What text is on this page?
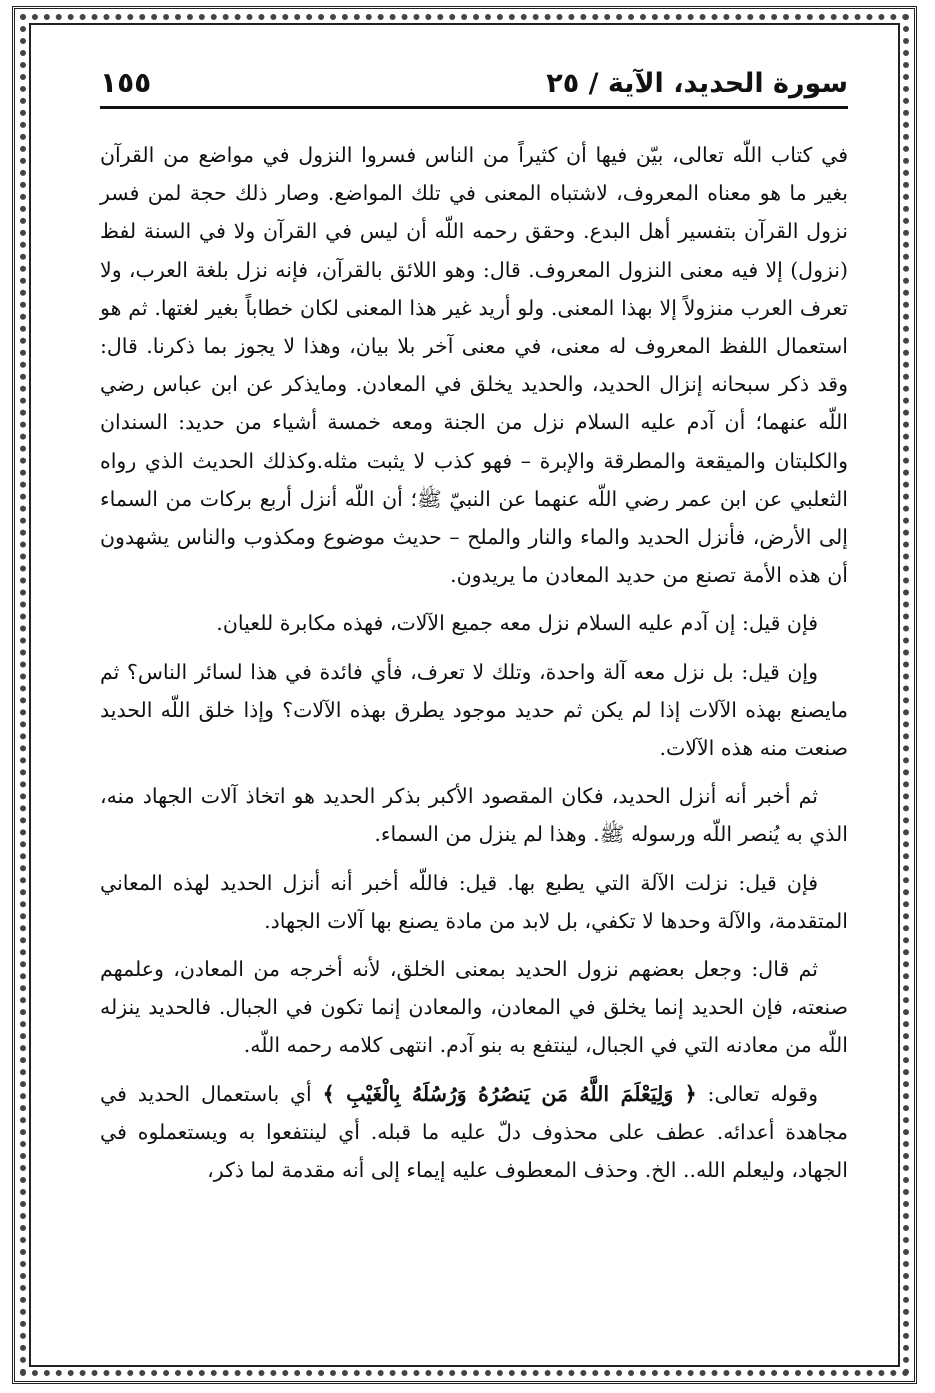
سورة الحديد، الآية / ٢٥
١٥٥

في كتاب اللّه تعالى، بيّن فيها أن كثيراً من الناس فسروا النزول في مواضع من القرآن بغير ما هو معناه المعروف، لاشتباه المعنى في تلك المواضع. وصار ذلك حجة لمن فسر نزول القرآن بتفسير أهل البدع. وحقق رحمه اللّه أن ليس في القرآن ولا في السنة لفظ (نزول) إلا فيه معنى النزول المعروف. قال: وهو اللائق بالقرآن، فإنه نزل بلغة العرب، ولا تعرف العرب منزولاً إلا بهذا المعنى. ولو أريد غير هذا المعنى لكان خطاباً بغير لغتها. ثم هو استعمال اللفظ المعروف له معنى، في معنى آخر بلا بيان، وهذا لا يجوز بما ذكرنا. قال: وقد ذكر سبحانه إنزال الحديد، والحديد يخلق في المعادن. ومايذكر عن ابن عباس رضي اللّه عنهما؛ أن آدم عليه السلام نزل من الجنة ومعه خمسة أشياء من حديد: السندان والكلبتان والميقعة والمطرقة والإبرة – فهو كذب لا يثبت مثله.وكذلك الحديث الذي رواه الثعلبي عن ابن عمر رضي اللّه عنهما عن النبيّ ﷺ؛ أن اللّه أنزل أربع بركات من السماء إلى الأرض، فأنزل الحديد والماء والنار والملح – حديث موضوع ومكذوب والناس يشهدون أن هذه الأمة تصنع من حديد المعادن ما يريدون.

فإن قيل: إن آدم عليه السلام نزل معه جميع الآلات، فهذه مكابرة للعيان.

وإن قيل: بل نزل معه آلة واحدة، وتلك لا تعرف، فأي فائدة في هذا لسائر الناس؟ ثم مايصنع بهذه الآلات إذا لم يكن ثم حديد موجود يطرق بهذه الآلات؟ وإذا خلق اللّه الحديد صنعت منه هذه الآلات.

ثم أخبر أنه أنزل الحديد، فكان المقصود الأكبر بذكر الحديد هو اتخاذ آلات الجهاد منه، الذي به يُنصر اللّه ورسوله ﷺ. وهذا لم ينزل من السماء.

فإن قيل: نزلت الآلة التي يطبع بها. قيل: فاللّه أخبر أنه أنزل الحديد لهذه المعاني المتقدمة، والآلة وحدها لا تكفي، بل لابد من مادة يصنع بها آلات الجهاد.

ثم قال: وجعل بعضهم نزول الحديد بمعنى الخلق، لأنه أخرجه من المعادن، وعلمهم صنعته، فإن الحديد إنما يخلق في المعادن، والمعادن إنما تكون في الجبال. فالحديد ينزله اللّه من معادنه التي في الجبال، لينتفع به بنو آدم. انتهى كلامه رحمه اللّه.

وقوله تعالى: ﴿ وَلِيَعْلَمَ اللَّهُ مَن يَنصُرُهُ وَرُسُلَهُ بِالْغَيْبِ ﴾ أي باستعمال الحديد في مجاهدة أعدائه. عطف على محذوف دلّ عليه ما قبله. أي لينتفعوا به ويستعملوه في الجهاد، وليعلم الله.. الخ. وحذف المعطوف عليه إيماء إلى أنه مقدمة لما ذكر،
